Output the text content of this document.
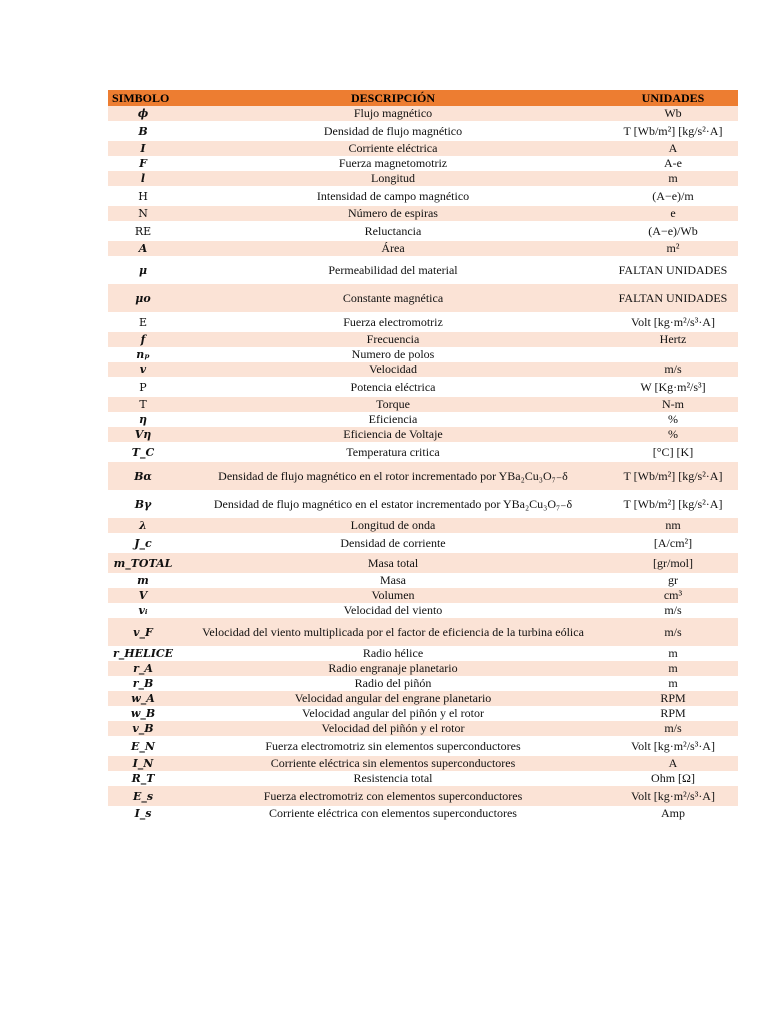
SIMBOLO	DESCRIPCIÓN	UNIDADES
ϕ	Flujo magnético	Wb
B	Densidad de flujo magnético	T [Wb/m²] [kg/s²·A]
I	Corriente eléctrica	A
F	Fuerza magnetomotriz	A-e
l	Longitud	m
H	Intensidad de campo magnético	(A−e)/m
N	Número de espiras	e
RE	Reluctancia	(A−e)/Wb
A	Área	m²
μ	Permeabilidad del material	FALTAN UNIDADES
μo	Constante magnética	FALTAN UNIDADES
E	Fuerza electromotriz	Volt [kg·m²/s³·A]
f	Frecuencia	Hertz
nₚ	Numero de polos	
v	Velocidad	m/s
P	Potencia eléctrica	W [Kg·m²/s³]
T	Torque	N-m
η	Eficiencia	%
Vη	Eficiencia de Voltaje	%
T_C	Temperatura critica	[°C] [K]
Bα	Densidad de flujo magnético en el rotor incrementado por YBa₂Cu₃O₇₋δ	T [Wb/m²] [kg/s²·A]
Bγ	Densidad de flujo magnético en el estator incrementado por YBa₂Cu₃O₇₋δ	T [Wb/m²] [kg/s²·A]
λ	Longitud de onda	nm
J_c	Densidad de corriente	[A/cm²]
m_TOTAL	Masa total	[gr/mol]
m	Masa	gr
V	Volumen	cm³
vᵢ	Velocidad del viento	m/s
v_F	Velocidad del viento multiplicada por el factor de eficiencia de la turbina eólica	m/s
r_HELICE	Radio hélice	m
r_A	Radio engranaje planetario	m
r_B	Radio del piñón	m
w_A	Velocidad angular del engrane planetario	RPM
w_B	Velocidad angular del piñón y el rotor	RPM
v_B	Velocidad del piñón y el rotor	m/s
E_N	Fuerza electromotriz sin elementos superconductores	Volt [kg·m²/s³·A]
I_N	Corriente eléctrica sin elementos superconductores	A
R_T	Resistencia total	Ohm [Ω]
E_s	Fuerza electromotriz con elementos superconductores	Volt [kg·m²/s³·A]
I_s	Corriente eléctrica con elementos superconductores	Amp
